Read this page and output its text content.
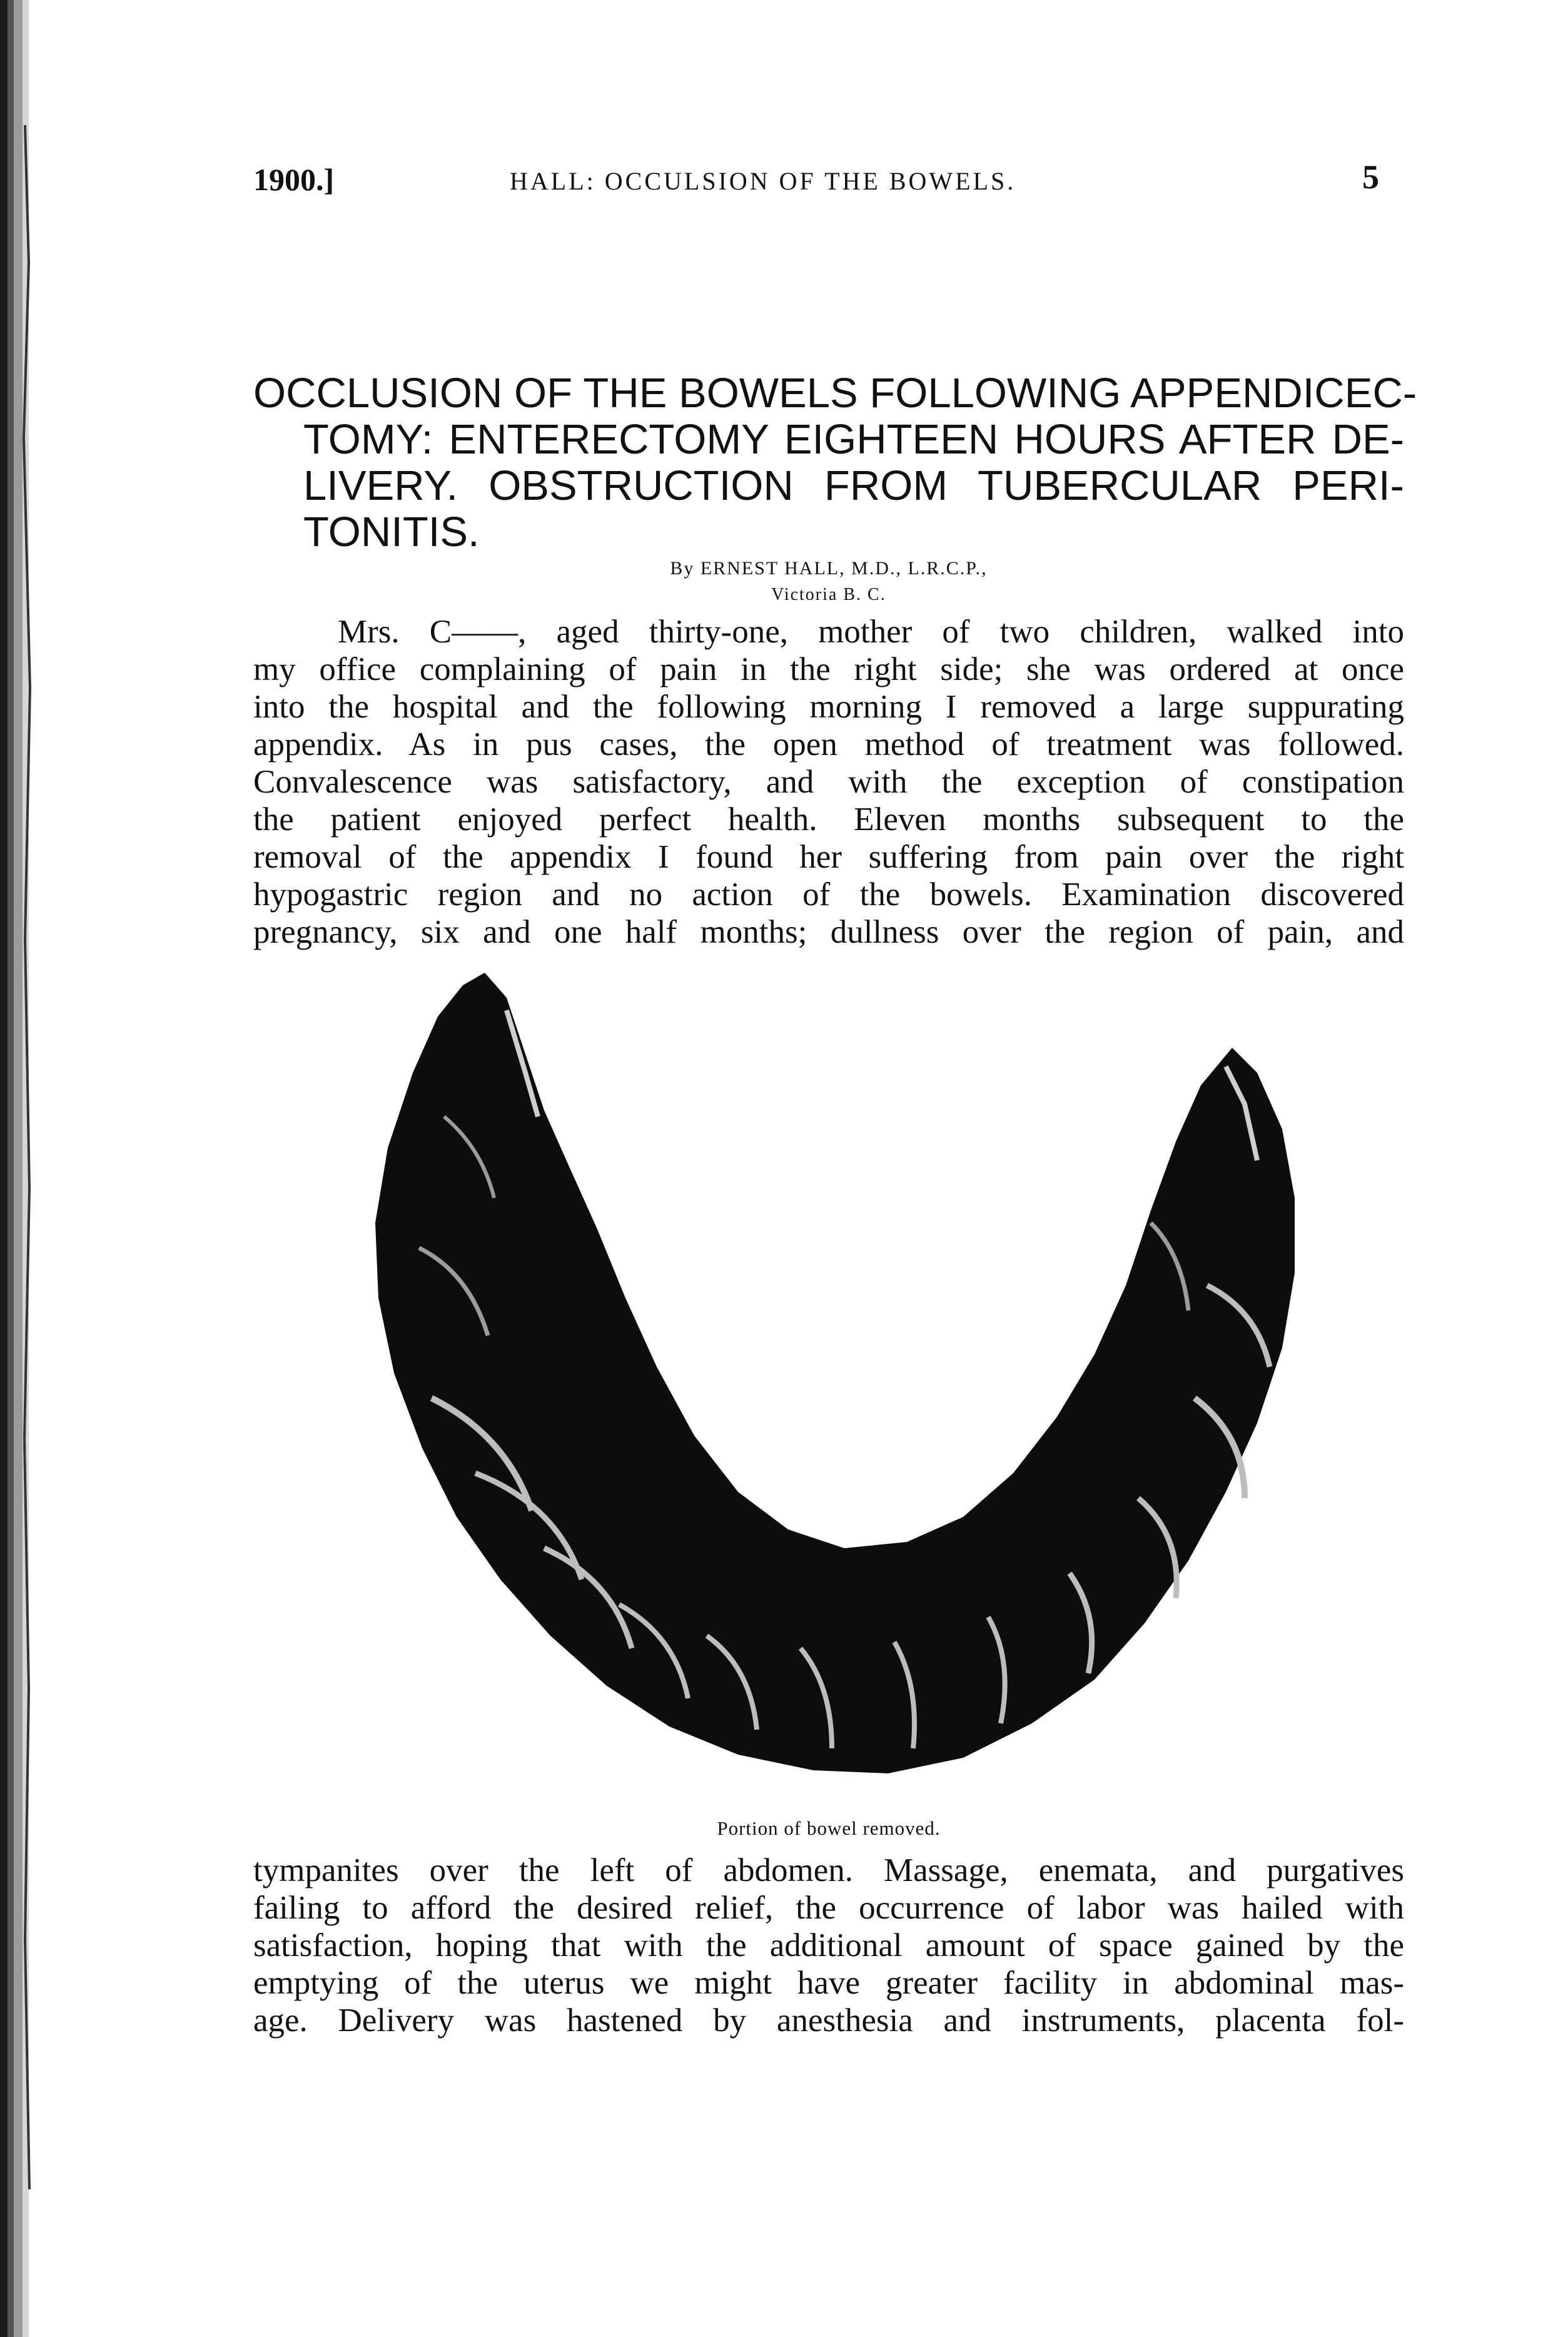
1900.]	HALL: OCCULSION OF THE BOWELS.	5
OCCLUSION OF THE BOWELS FOLLOWING APPENDICEC-
TOMY: ENTERECTOMY EIGHTEEN HOURS AFTER DE-
LIVERY. OBSTRUCTION FROM TUBERCULAR PERI-
TONITIS.
By ERNEST HALL, M.D., L.R.C.P.,
Victoria B. C.
Mrs. C——, aged thirty-one, mother of two children, walked into
my office complaining of pain in the right side; she was ordered at once
into the hospital and the following morning I removed a large suppurating
appendix. As in pus cases, the open method of treatment was followed.
Convalescence was satisfactory, and with the exception of constipation
the patient enjoyed perfect health. Eleven months subsequent to the
removal of the appendix I found her suffering from pain over the right
hypogastric region and no action of the bowels. Examination discovered
pregnancy, six and one half months; dullness over the region of pain, and
Portion of bowel removed.
tympanites over the left of abdomen. Massage, enemata, and purgatives
failing to afford the desired relief, the occurrence of labor was hailed with
satisfaction, hoping that with the additional amount of space gained by the
emptying of the uterus we might have greater facility in abdominal mas-
age. Delivery was hastened by anesthesia and instruments, placenta fol-
